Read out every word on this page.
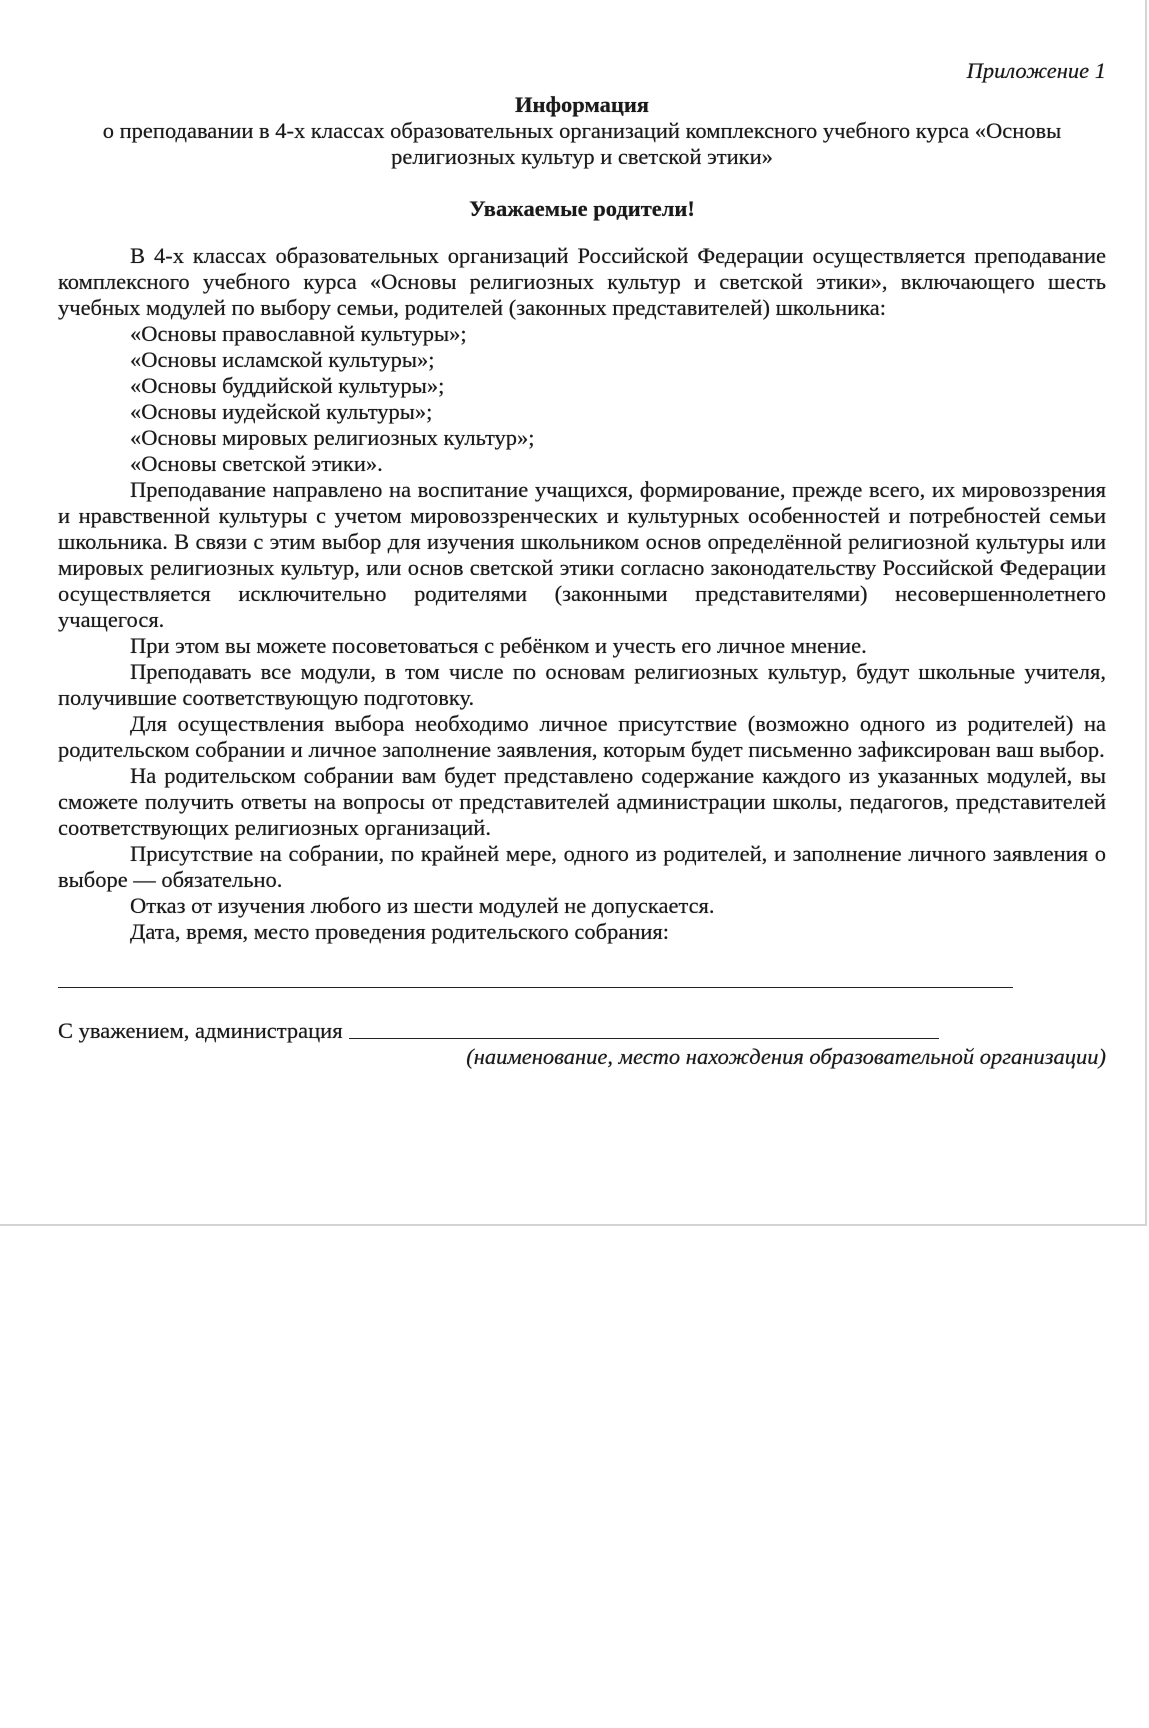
Приложение 1

Информация

о преподавании в 4-х классах образовательных организаций комплексного учебного курса «Основы религиозных культур и светской этики»

Уважаемые родители!

В 4-х классах образовательных организаций Российской Федерации осуществляется преподавание комплексного учебного курса «Основы религиозных культур и светской этики», включающего шесть учебных модулей по выбору семьи, родителей (законных представителей) школьника:

«Основы православной культуры»;

«Основы исламской культуры»;

«Основы буддийской культуры»;

«Основы иудейской культуры»;

«Основы мировых религиозных культур»;

«Основы светской этики».

Преподавание направлено на воспитание учащихся, формирование, прежде всего, их мировоззрения и нравственной культуры с учетом мировоззренческих и культурных особенностей и потребностей семьи школьника. В связи с этим выбор для изучения школьником основ определённой религиозной культуры или мировых религиозных культур, или основ светской этики согласно законодательству Российской Федерации осуществляется исключительно родителями (законными представителями) несовершеннолетнего учащегося.

При этом вы можете посоветоваться с ребёнком и учесть его личное мнение.

Преподавать все модули, в том числе по основам религиозных культур, будут школьные учителя, получившие соответствующую подготовку.

Для осуществления выбора необходимо личное присутствие (возможно одного из родителей) на родительском собрании и личное заполнение заявления, которым будет письменно зафиксирован ваш выбор.

На родительском собрании вам будет представлено содержание каждого из указанных модулей, вы сможете получить ответы на вопросы от представителей администрации школы, педагогов, представителей соответствующих религиозных организаций.

Присутствие на собрании, по крайней мере, одного из родителей, и заполнение личного заявления о выборе — обязательно.

Отказ от изучения любого из шести модулей не допускается.

Дата, время, место проведения родительского собрания:

С уважением, администрация

(наименование, место нахождения образовательной организации)
